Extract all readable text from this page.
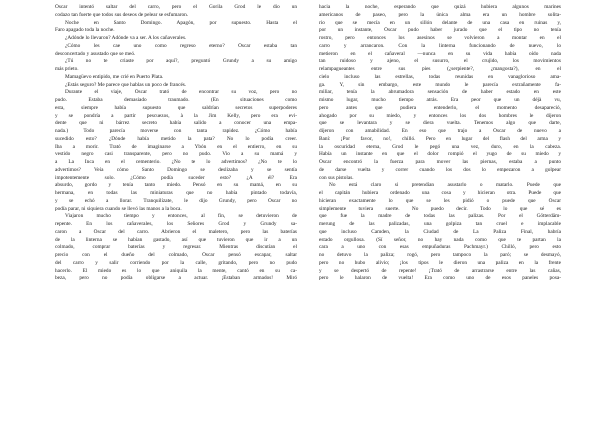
Óscar intentó saltar del carro, pero el Gorila Grod le dio un

codazo tan fuerte que todos sus deseos de pelear se esfumaron.

Noche en Santo Domingo. Apagón, por supuesto. Hasta el

Faro apagado toda la noche.

¿Adónde lo llevaron? Adónde va a ser. A los cañaverales.

¿Cómo les cae uno como regreso eterno? Óscar estaba tan

desconcertado y asustado que se meó.

¿Tú no te criaste por aquí?, preguntó Grundy a su amigo

más prieto.

Mamagüevo entipido, me crié en Puerto Plata.

¿Estás seguro? Me parece que hablas un poco de francés.

Durante el viaje, Óscar trató de encontrar su voz, pero no

pudo. Estaba demasiado traumado. (En situaciones como

esta, siempre había supuesto que saldrían secretos superpoderes

y se pondría a partir pescuezos, à la Jim Kelly, pero era evi-

dente que ni bárrez secreto había salido a conocer una empa-

nada.) Todo parecía moverse con tanta rapidez. ¿Cómo había

sucedido esto? ¿Dónde había metido la pata? No lo podía creer.

Iba a morir. Trató de imaginarse a Ybón en el entierro, en su

vestido negro casi transparente, pero no pudo. Vio a su mamá y

a La Inca en el cementerio. ¿No te lo advertimos? ¿No te lo

advertimos? Veía cómo Santo Domingo se deslizaba y se sentía

impotentemente solo. ¿Cómo podía suceder esto? ¿A él? Era

absurdo, gordo y tenía tanto miedo. Pensó en su mamá, en su

hermana, en todas las miniaturas que no había pintado todavía,

y se echó a llorar. Tranquilízate, le dijo Grundy, pero Óscar no

podía parar, ni siquiera cuando se llevó las manos a la boca.

Viajaron mucho tiempo y entonces, al fin, se detuvieron de

repente. En los cañaverales, los Señores Grod y Grundy sa-

caron a Óscar del carro. Abrieron el maletero, pero las baterías

de la linterna se habían gastado, así que tuvieron que ir a un

colmado, comprar baterías y regresar. Mientras discutían el

precio con el dueño del colmado, Óscar pensó escapar, saltar

del carro y salir corriendo por la calle, gritando, pero no pudo

hacerlo. El miedo es lo que aniquila la mente, cantó en su ca-

beza, pero no podía obligarse a actuar. ¡Estaban armados! Miró

hacia la noche, esperando que quizá hubiera algunos marines

americanos de paseo, pero la única alma era un hombre solita-

rio que se mecía en un sillón delante de una casa en ruinas y,

por un instante, Óscar pudo haber jurado que el tipo no tenía

rostro, pero entonces los asesinos se volvieron a montar en el

carro y arrancaron. Con la linterna funcionando de nuevo, lo

metieron en el cañaveral —nunca en su vida había oído nada

tan ruidoso y ajeno, el susurro, el crujido, los movimientos

relampagueantes entre sus pies (¿serpiente?, ¿mangosta?), en el

cielo incluso las estrellas, todas reunidas en vanaglorioso ama-

ga. Y, sin embargo, este mundo le parecía extrañamente fa-

miliar, tenía la abrumadora sensación de haber estado en este

mismo lugar, mucho tiempo atrás. Era peor que un déjà vu,

pero antes que pudiera entenderlo, el momento desapareció,

ahogado por su miedo, y entonces los dos hombres le dijeron

que se levantara y se diera vuelta. Tenemos algo que darte,

dijeron con amabilidad. En eso que trajo a Óscar de nuevo a

Baní: ¡Por favor, no!, chilló. Pero en lugar del flash del arma y

la oscuridad eterna, Grod le pegó una vez, duro, en la cabeza.

Había un instante en que el dolor rompió el yugo de su miedo y

Óscar encontró la fuerza para mover las piernas, estaba a punto

de darse vuelta y correr cuando los dos lo empezaron a golpear

con sus pistolas.

No está claro si pretendían asustarlo o matarlo. Puede que

el capitán hubiera ordenado una cosa y hicieran otra. Puede que

hicieran exactamente lo que se les pidió o puede que Óscar

simplemente tuviera suerte. No puedo decir. Todo lo que sé es

que fue la madre de todas las palizas. Por el Götterdäm-

merung de las palizadas, una golpiza tan cruel e implacable

que incluso Camden, la Ciudad de La Paliza Final, habría

estado orgullosa. (Sí señor, no hay nada como que te partan la

cara a uno con esas empuñaduras Pachmayr.) Chilló, pero esto

no detuvo la paliza; rogó, pero tampoco la paró; se desmayó,

pero no hubo alivio; ¡los tipos le dieron una paliza en la frente

y se despertó de repente! ¡Trató de arrastrarse entre las cañas,

pero le halaron de vuelta! Era como uno de esos paneles posa-
